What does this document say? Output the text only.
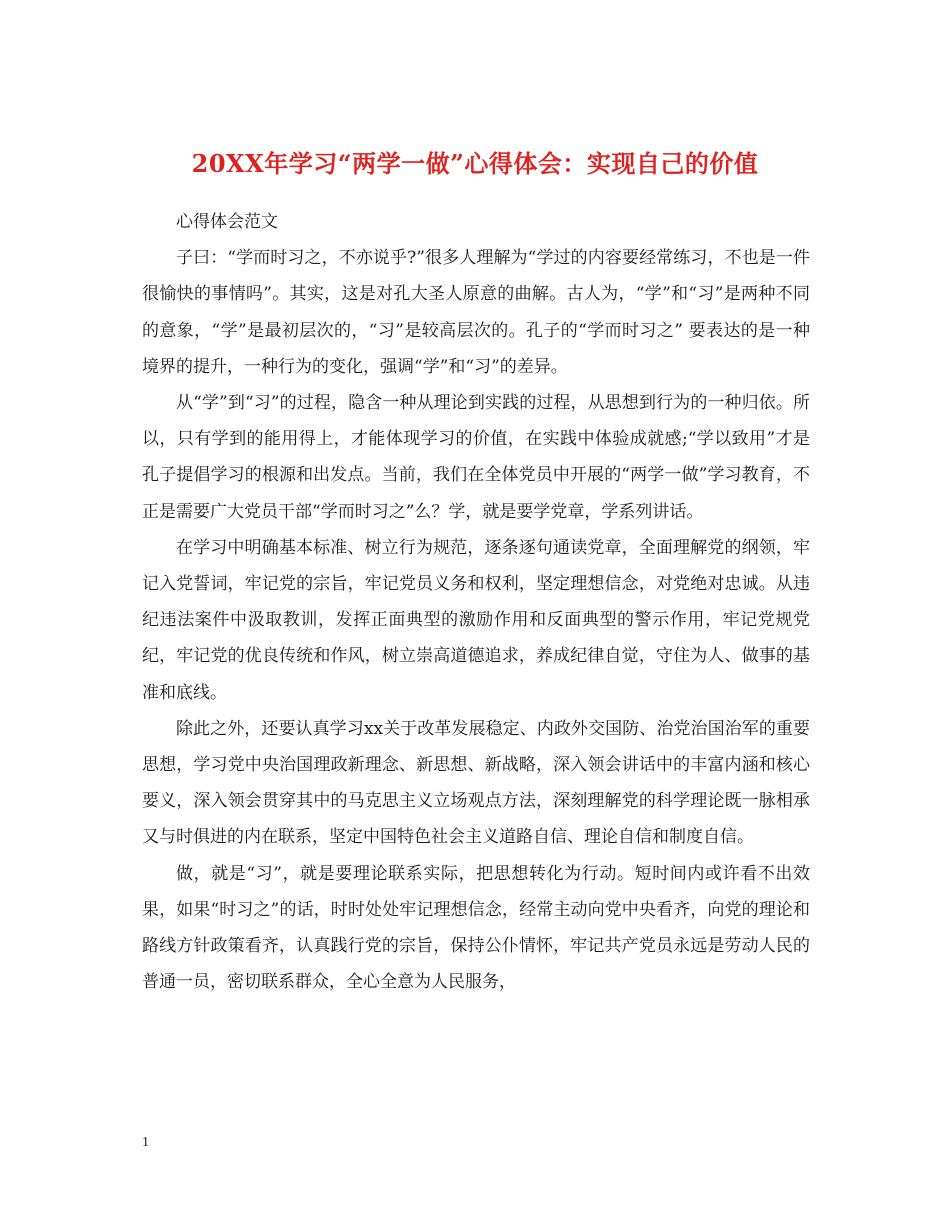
20XX年学习“两学一做”心得体会：实现自己的价值

心得体会范文

子曰：“学而时习之，不亦说乎?”很多人理解为“学过的内容要经常练习，不也是一件很愉快的事情吗”。其实，这是对孔大圣人原意的曲解。古人为，“学”和“习”是两种不同的意象，“学”是最初层次的，“习”是较高层次的。孔子的“学而时习之” 要表达的是一种境界的提升，一种行为的变化，强调“学”和“习”的差异。

从“学”到“习”的过程，隐含一种从理论到实践的过程，从思想到行为的一种归依。所以，只有学到的能用得上，才能体现学习的价值，在实践中体验成就感;“学以致用”才是孔子提倡学习的根源和出发点。当前，我们在全体党员中开展的“两学一做”学习教育，不正是需要广大党员干部“学而时习之”么？学，就是要学党章，学系列讲话。

在学习中明确基本标准、树立行为规范，逐条逐句通读党章，全面理解党的纲领，牢记入党誓词，牢记党的宗旨，牢记党员义务和权利，坚定理想信念，对党绝对忠诚。从违纪违法案件中汲取教训，发挥正面典型的激励作用和反面典型的警示作用，牢记党规党纪，牢记党的优良传统和作风，树立崇高道德追求，养成纪律自觉，守住为人、做事的基准和底线。

除此之外，还要认真学习xx关于改革发展稳定、内政外交国防、治党治国治军的重要思想，学习党中央治国理政新理念、新思想、新战略，深入领会讲话中的丰富内涵和核心要义，深入领会贯穿其中的马克思主义立场观点方法，深刻理解党的科学理论既一脉相承又与时俱进的内在联系，坚定中国特色社会主义道路自信、理论自信和制度自信。

做，就是“习”，就是要理论联系实际，把思想转化为行动。短时间内或许看不出效果，如果“时习之”的话，时时处处牢记理想信念，经常主动向党中央看齐，向党的理论和路线方针政策看齐，认真践行党的宗旨，保持公仆情怀，牢记共产党员永远是劳动人民的普通一员，密切联系群众，全心全意为人民服务，

1
